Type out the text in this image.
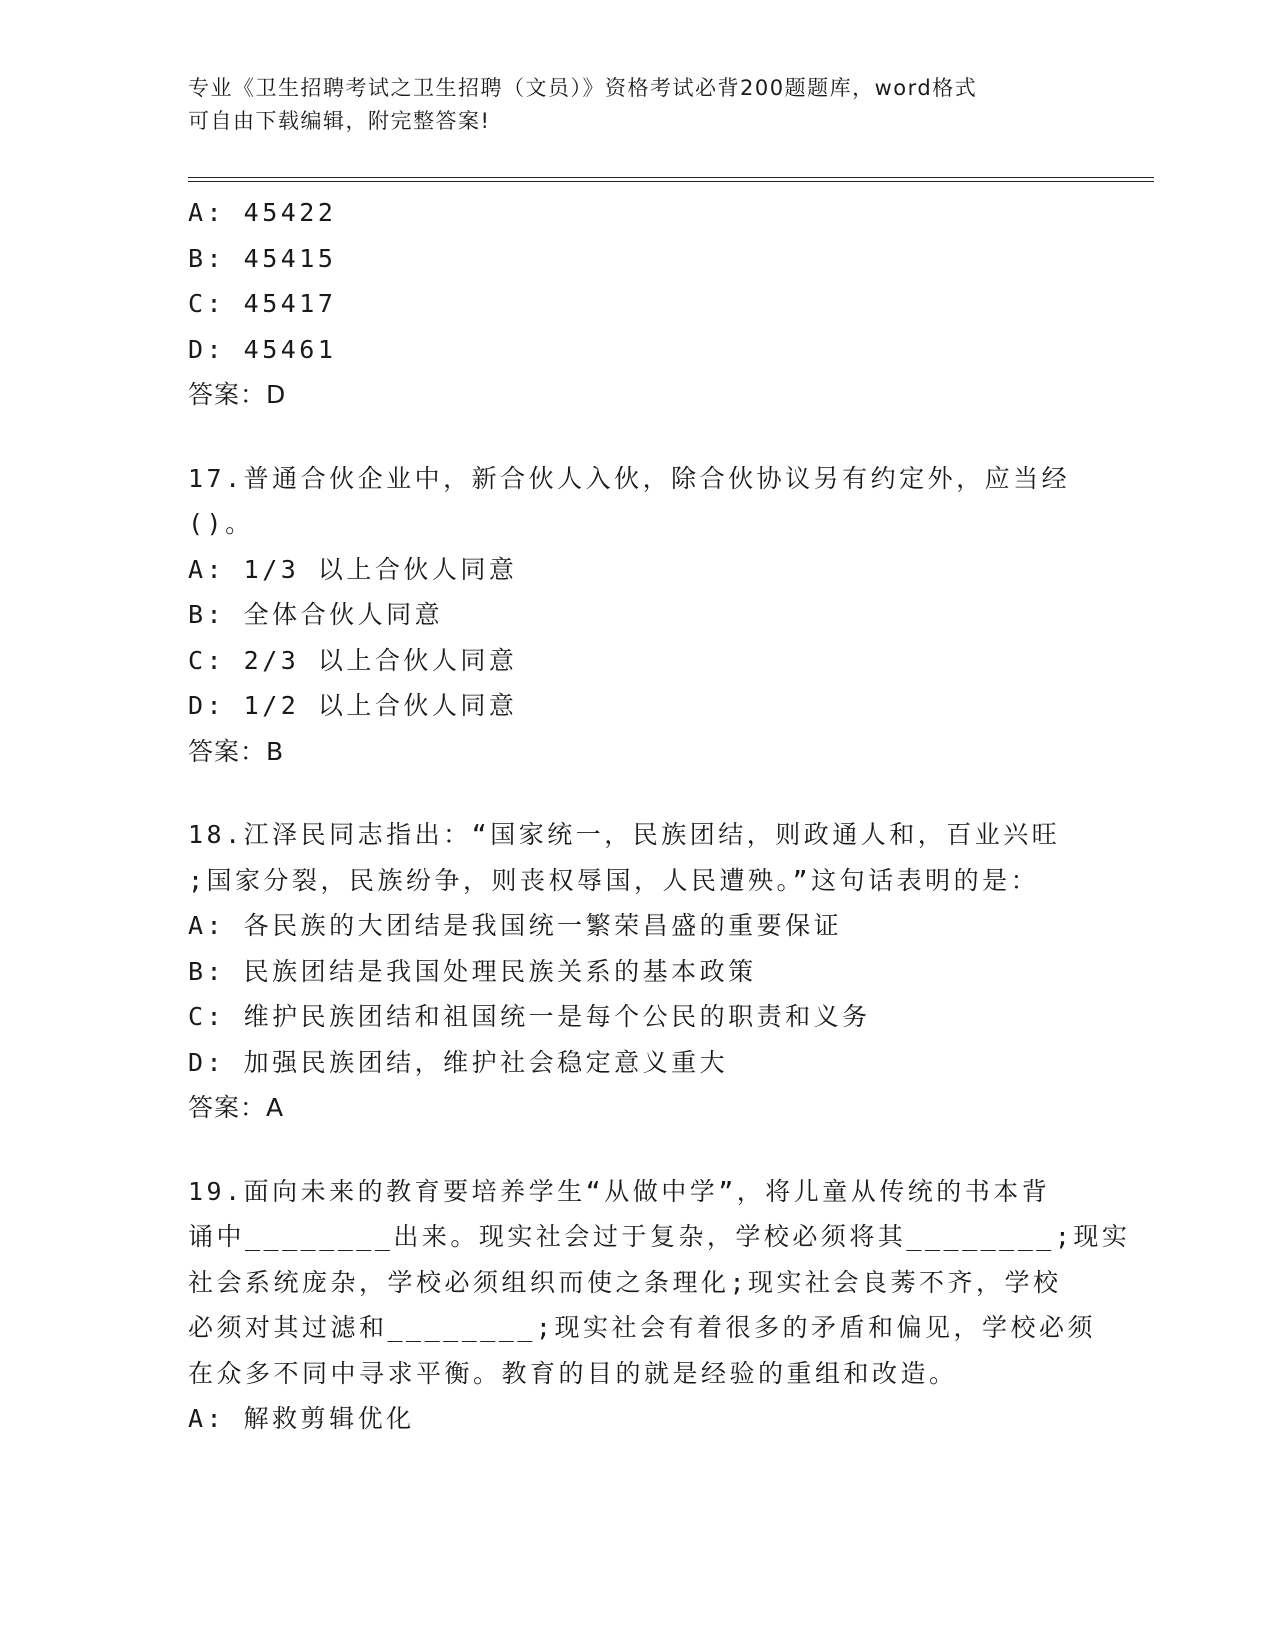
专业《卫生招聘考试之卫生招聘（文员）》资格考试必背200题题库，word格式
可自由下载编辑，附完整答案!
A: 45422
B: 45415
C: 45417
D: 45461
答案：D
17.普通合伙企业中，新合伙人入伙，除合伙协议另有约定外，应当经
()。
A: 1/3 以上合伙人同意
B: 全体合伙人同意
C: 2/3 以上合伙人同意
D: 1/2 以上合伙人同意
答案：B
18.江泽民同志指出：“国家统一，民族团结，则政通人和，百业兴旺
;国家分裂，民族纷争，则丧权辱国，人民遭殃。”这句话表明的是：
A: 各民族的大团结是我国统一繁荣昌盛的重要保证
B: 民族团结是我国处理民族关系的基本政策
C: 维护民族团结和祖国统一是每个公民的职责和义务
D: 加强民族团结，维护社会稳定意义重大
答案：A
19.面向未来的教育要培养学生“从做中学”，将儿童从传统的书本背
诵中________出来。现实社会过于复杂，学校必须将其________;现实
社会系统庞杂，学校必须组织而使之条理化;现实社会良莠不齐，学校
必须对其过滤和________;现实社会有着很多的矛盾和偏见，学校必须
在众多不同中寻求平衡。教育的目的就是经验的重组和改造。
A: 解救剪辑优化
